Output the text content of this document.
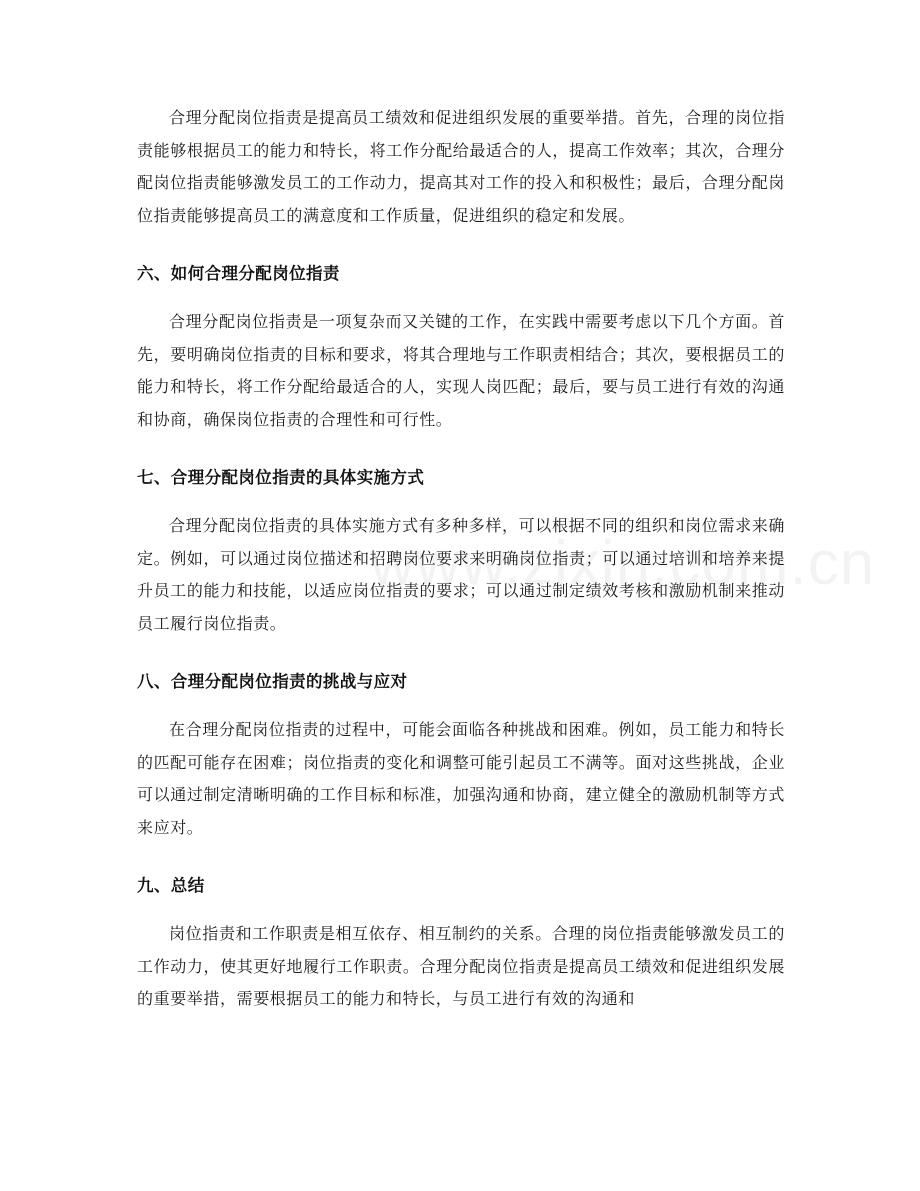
合理分配岗位指责是提高员工绩效和促进组织发展的重要举措。首先，合理的岗位指责能够根据员工的能力和特长，将工作分配给最适合的人，提高工作效率；其次，合理分配岗位指责能够激发员工的工作动力，提高其对工作的投入和积极性；最后，合理分配岗位指责能够提高员工的满意度和工作质量，促进组织的稳定和发展。

六、如何合理分配岗位指责

合理分配岗位指责是一项复杂而又关键的工作，在实践中需要考虑以下几个方面。首先，要明确岗位指责的目标和要求，将其合理地与工作职责相结合；其次，要根据员工的能力和特长，将工作分配给最适合的人，实现人岗匹配；最后，要与员工进行有效的沟通和协商，确保岗位指责的合理性和可行性。

七、合理分配岗位指责的具体实施方式

合理分配岗位指责的具体实施方式有多种多样，可以根据不同的组织和岗位需求来确定。例如，可以通过岗位描述和招聘岗位要求来明确岗位指责；可以通过培训和培养来提升员工的能力和技能，以适应岗位指责的要求；可以通过制定绩效考核和激励机制来推动员工履行岗位指责。

八、合理分配岗位指责的挑战与应对

在合理分配岗位指责的过程中，可能会面临各种挑战和困难。例如，员工能力和特长的匹配可能存在困难；岗位指责的变化和调整可能引起员工不满等。面对这些挑战，企业可以通过制定清晰明确的工作目标和标准，加强沟通和协商，建立健全的激励机制等方式来应对。

九、总结

岗位指责和工作职责是相互依存、相互制约的关系。合理的岗位指责能够激发员工的工作动力，使其更好地履行工作职责。合理分配岗位指责是提高员工绩效和促进组织发展的重要举措，需要根据员工的能力和特长，与员工进行有效的沟通和
